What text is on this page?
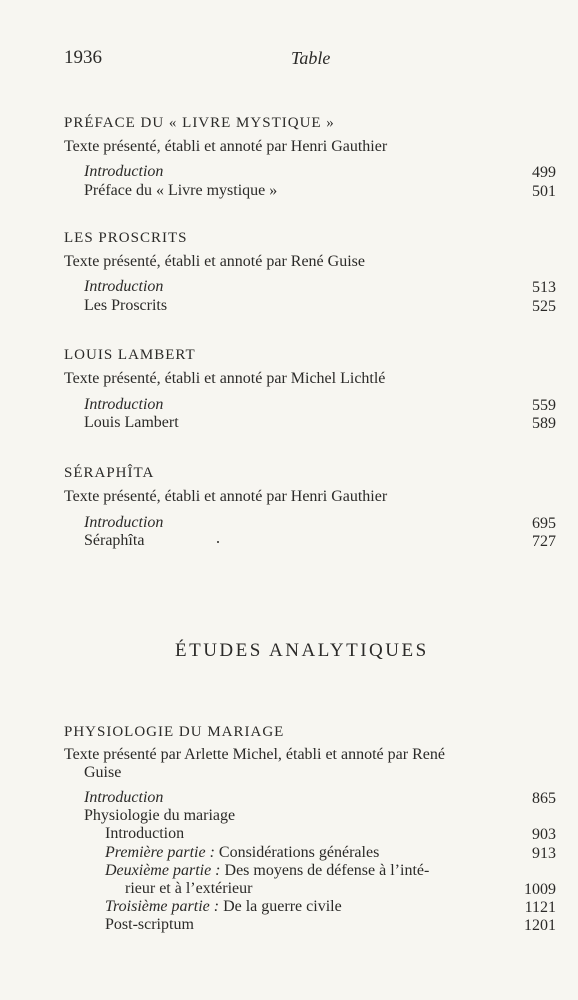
1936	Table
PRÉFACE DU « LIVRE MYSTIQUE »
Texte présenté, établi et annoté par Henri Gauthier
Introduction	499
Préface du « Livre mystique »	501
LES PROSCRITS
Texte présenté, établi et annoté par René Guise
Introduction	513
Les Proscrits	525
LOUIS LAMBERT
Texte présenté, établi et annoté par Michel Lichtlé
Introduction	559
Louis Lambert	589
SÉRAPHÎTA
Texte présenté, établi et annoté par Henri Gauthier
Introduction	695
Séraphîta	727
ÉTUDES ANALYTIQUES
PHYSIOLOGIE DU MARIAGE
Texte présenté par Arlette Michel, établi et annoté par René
Guise
Introduction	865
Physiologie du mariage
Introduction	903
Première partie : Considérations générales	913
Deuxième partie : Des moyens de défense à l’inté-
rieur et à l’extérieur	1009
Troisième partie : De la guerre civile	1121
Post-scriptum	1201
